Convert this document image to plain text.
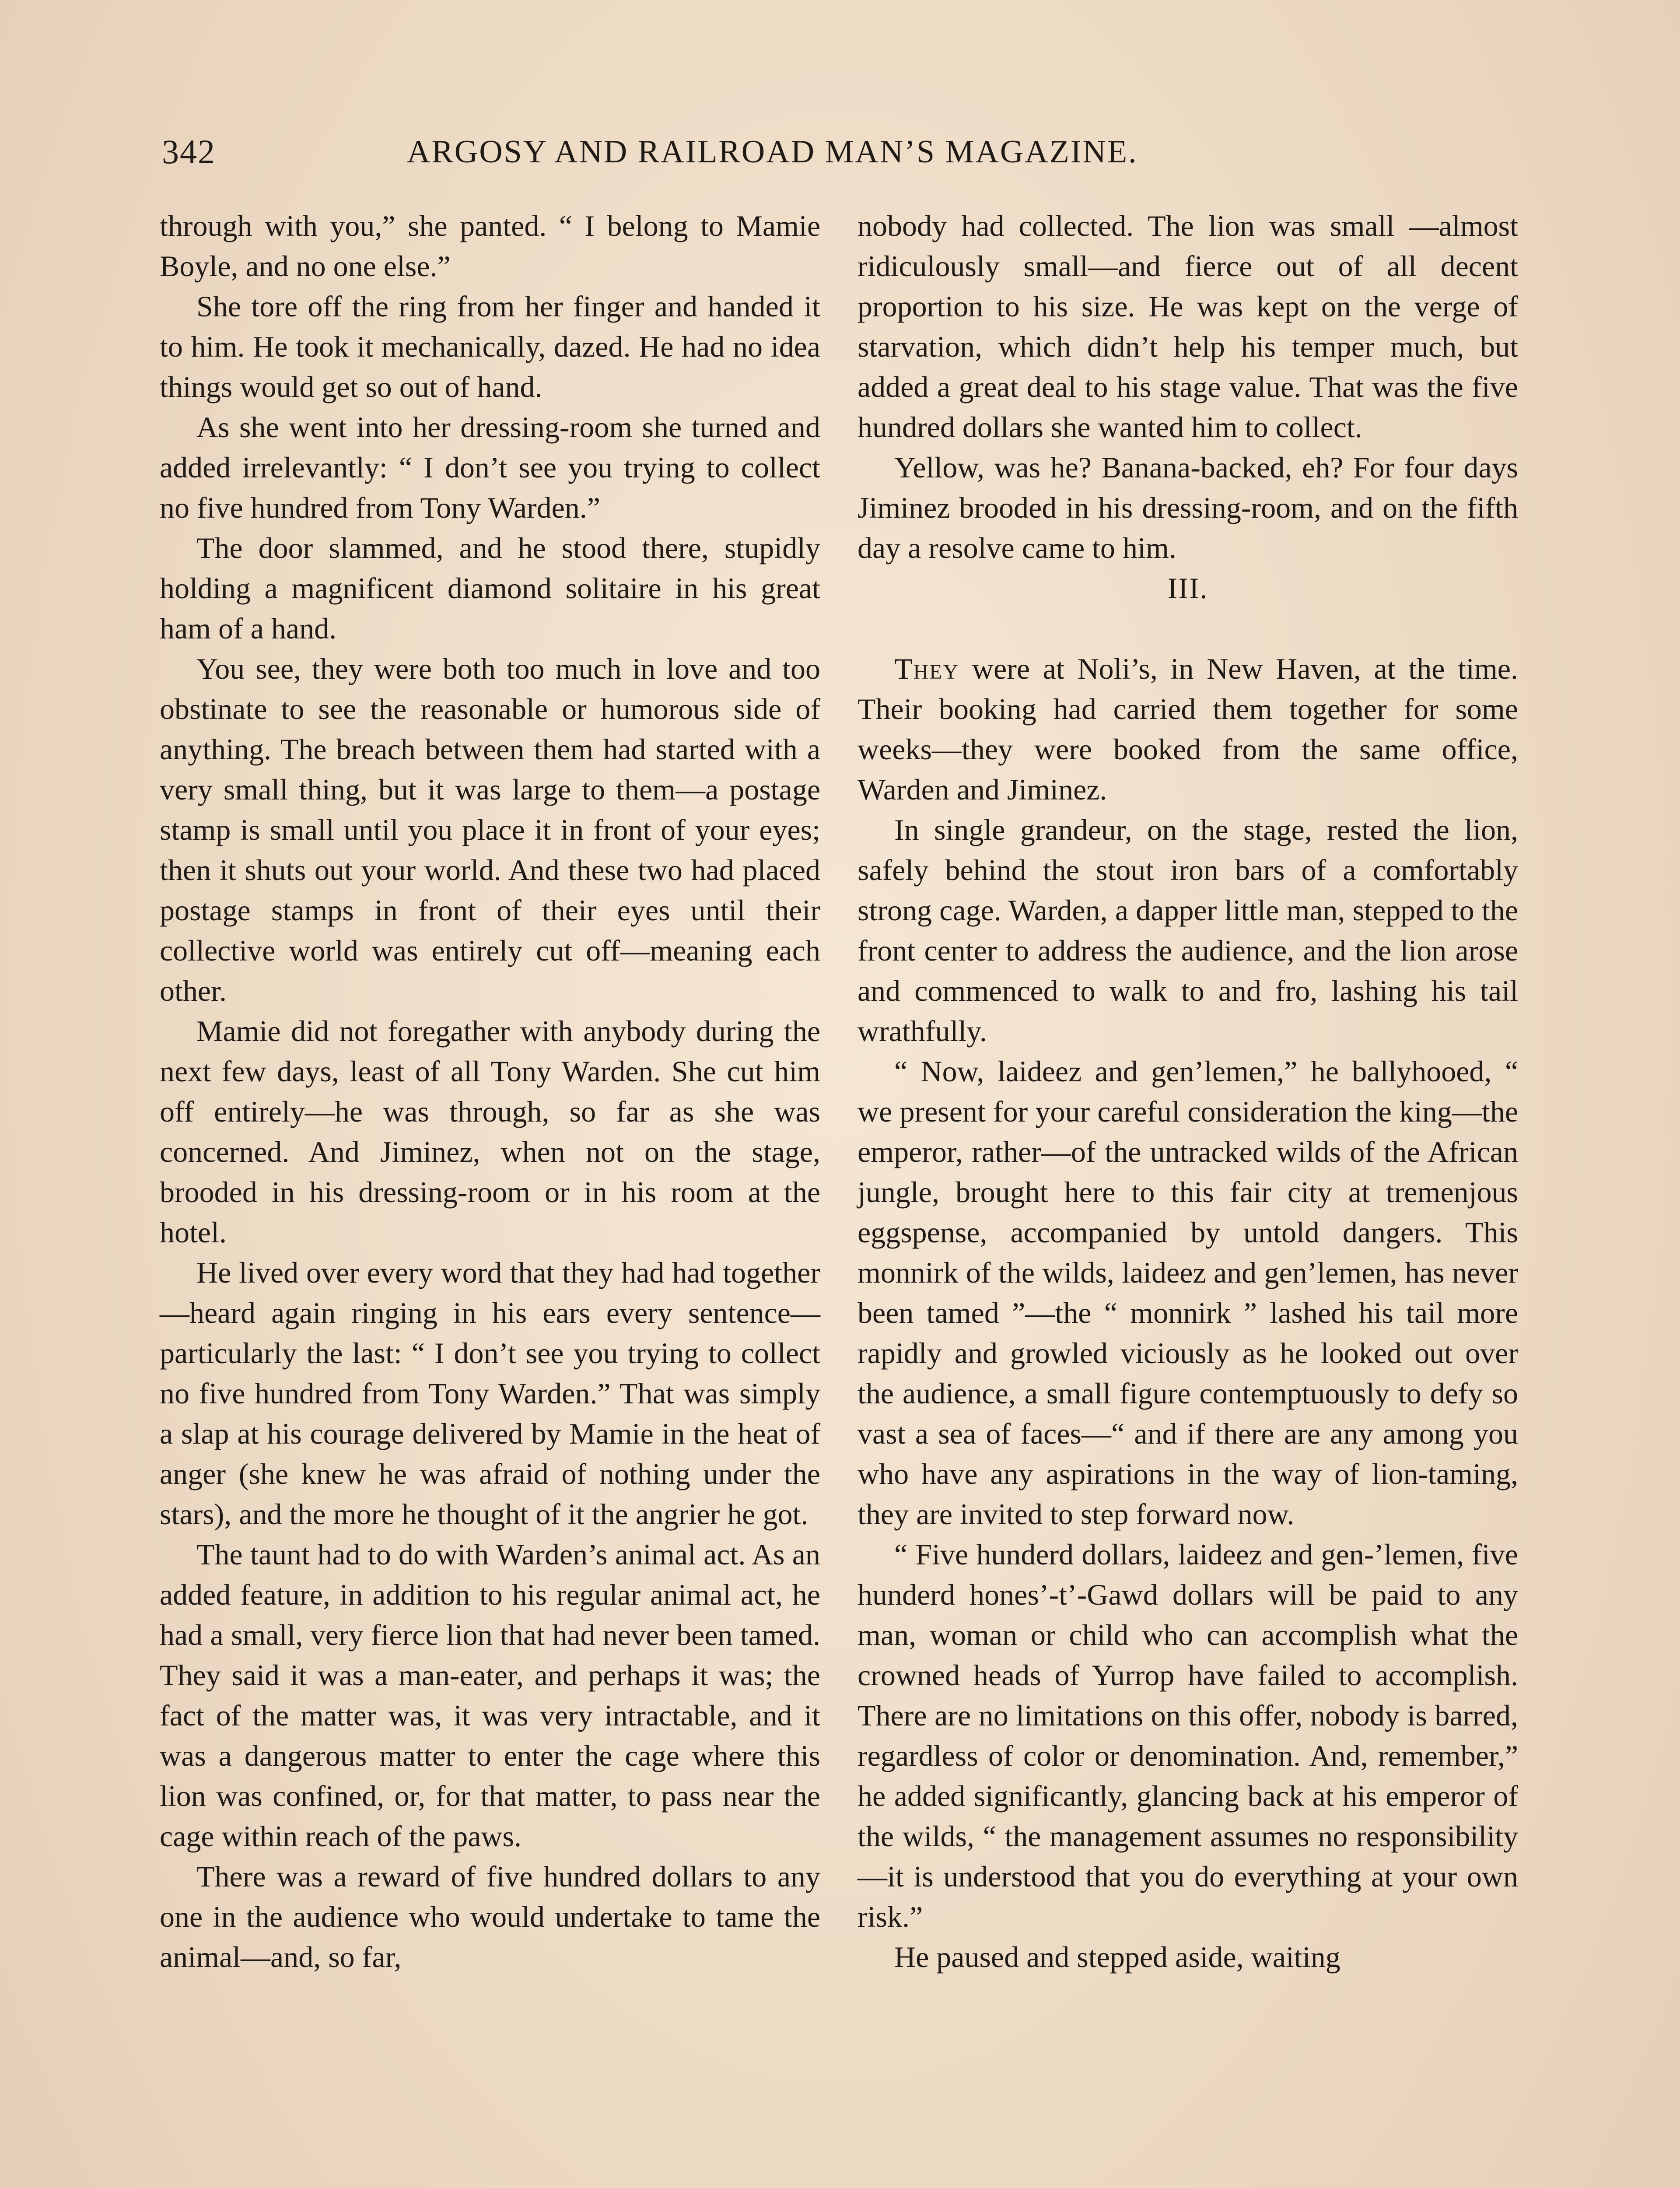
342	ARGOSY AND RAILROAD MAN’S MAGAZINE.

through with you,” she panted. “ I belong to Mamie Boyle, and no one else.”

She tore off the ring from her finger and handed it to him. He took it mechanically, dazed. He had no idea things would get so out of hand.

As she went into her dressing-room she turned and added irrelevantly: “ I don’t see you trying to collect no five hundred from Tony Warden.”

The door slammed, and he stood there, stupidly holding a magnificent diamond solitaire in his great ham of a hand.

You see, they were both too much in love and too obstinate to see the reasonable or humorous side of anything. The breach between them had started with a very small thing, but it was large to them—a postage stamp is small until you place it in front of your eyes; then it shuts out your world. And these two had placed postage stamps in front of their eyes until their collective world was entirely cut off—meaning each other.

Mamie did not foregather with anybody during the next few days, least of all Tony Warden. She cut him off entirely—he was through, so far as she was concerned. And Jiminez, when not on the stage, brooded in his dressing-room or in his room at the hotel.

He lived over every word that they had had together—heard again ringing in his ears every sentence—particularly the last: “ I don’t see you trying to collect no five hundred from Tony Warden.” That was simply a slap at his courage delivered by Mamie in the heat of anger (she knew he was afraid of nothing under the stars), and the more he thought of it the angrier he got.

The taunt had to do with Warden’s animal act. As an added feature, in addition to his regular animal act, he had a small, very fierce lion that had never been tamed. They said it was a man-eater, and perhaps it was; the fact of the matter was, it was very intractable, and it was a dangerous matter to enter the cage where this lion was confined, or, for that matter, to pass near the cage within reach of the paws.

There was a reward of five hundred dollars to any one in the audience who would undertake to tame the animal—and, so far,

nobody had collected. The lion was small —almost ridiculously small—and fierce out of all decent proportion to his size. He was kept on the verge of starvation, which didn’t help his temper much, but added a great deal to his stage value. That was the five hundred dollars she wanted him to collect.

Yellow, was he? Banana-backed, eh? For four days Jiminez brooded in his dressing-room, and on the fifth day a resolve came to him.

III.

They were at Noli’s, in New Haven, at the time. Their booking had carried them together for some weeks—they were booked from the same office, Warden and Jiminez.

In single grandeur, on the stage, rested the lion, safely behind the stout iron bars of a comfortably strong cage. Warden, a dapper little man, stepped to the front center to address the audience, and the lion arose and commenced to walk to and fro, lashing his tail wrathfully.

“ Now, laideez and gen’lemen,” he ballyhooed, “ we present for your careful consideration the king—the emperor, rather—of the untracked wilds of the African jungle, brought here to this fair city at tremenjous eggspense, accompanied by untold dangers. This monnirk of the wilds, laideez and gen’lemen, has never been tamed ”—the “ monnirk ” lashed his tail more rapidly and growled viciously as he looked out over the audience, a small figure contemptuously to defy so vast a sea of faces—“ and if there are any among you who have any aspirations in the way of lion-taming, they are invited to step forward now.

“ Five hunderd dollars, laideez and gen-’lemen, five hunderd hones’-t’-Gawd dollars will be paid to any man, woman or child who can accomplish what the crowned heads of Yurrop have failed to accomplish. There are no limitations on this offer, nobody is barred, regardless of color or denomination. And, remember,” he added significantly, glancing back at his emperor of the wilds, “ the management assumes no responsibility—it is understood that you do everything at your own risk.”

He paused and stepped aside, waiting
